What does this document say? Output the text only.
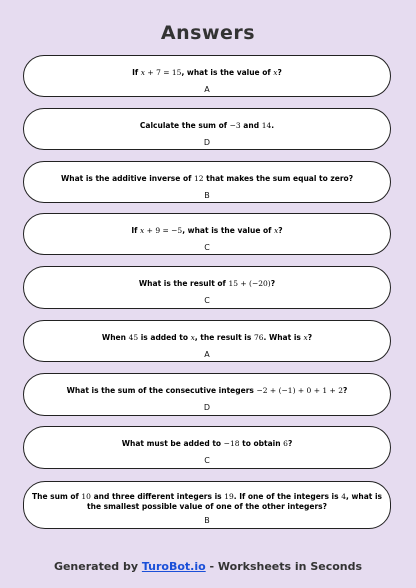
Answers
If x + 7 = 15, what is the value of x?
A
Calculate the sum of −3 and 14.
D
What is the additive inverse of 12 that makes the sum equal to zero?
B
If x + 9 = −5, what is the value of x?
C
What is the result of 15 + (−20)?
C
When 45 is added to x, the result is 76. What is x?
A
What is the sum of the consecutive integers −2 + (−1) + 0 + 1 + 2?
D
What must be added to −18 to obtain 6?
C
The sum of 10 and three different integers is 19. If one of the integers is 4, what is the smallest possible value of one of the other integers?
B
Generated by TuroBot.io - Worksheets in Seconds
